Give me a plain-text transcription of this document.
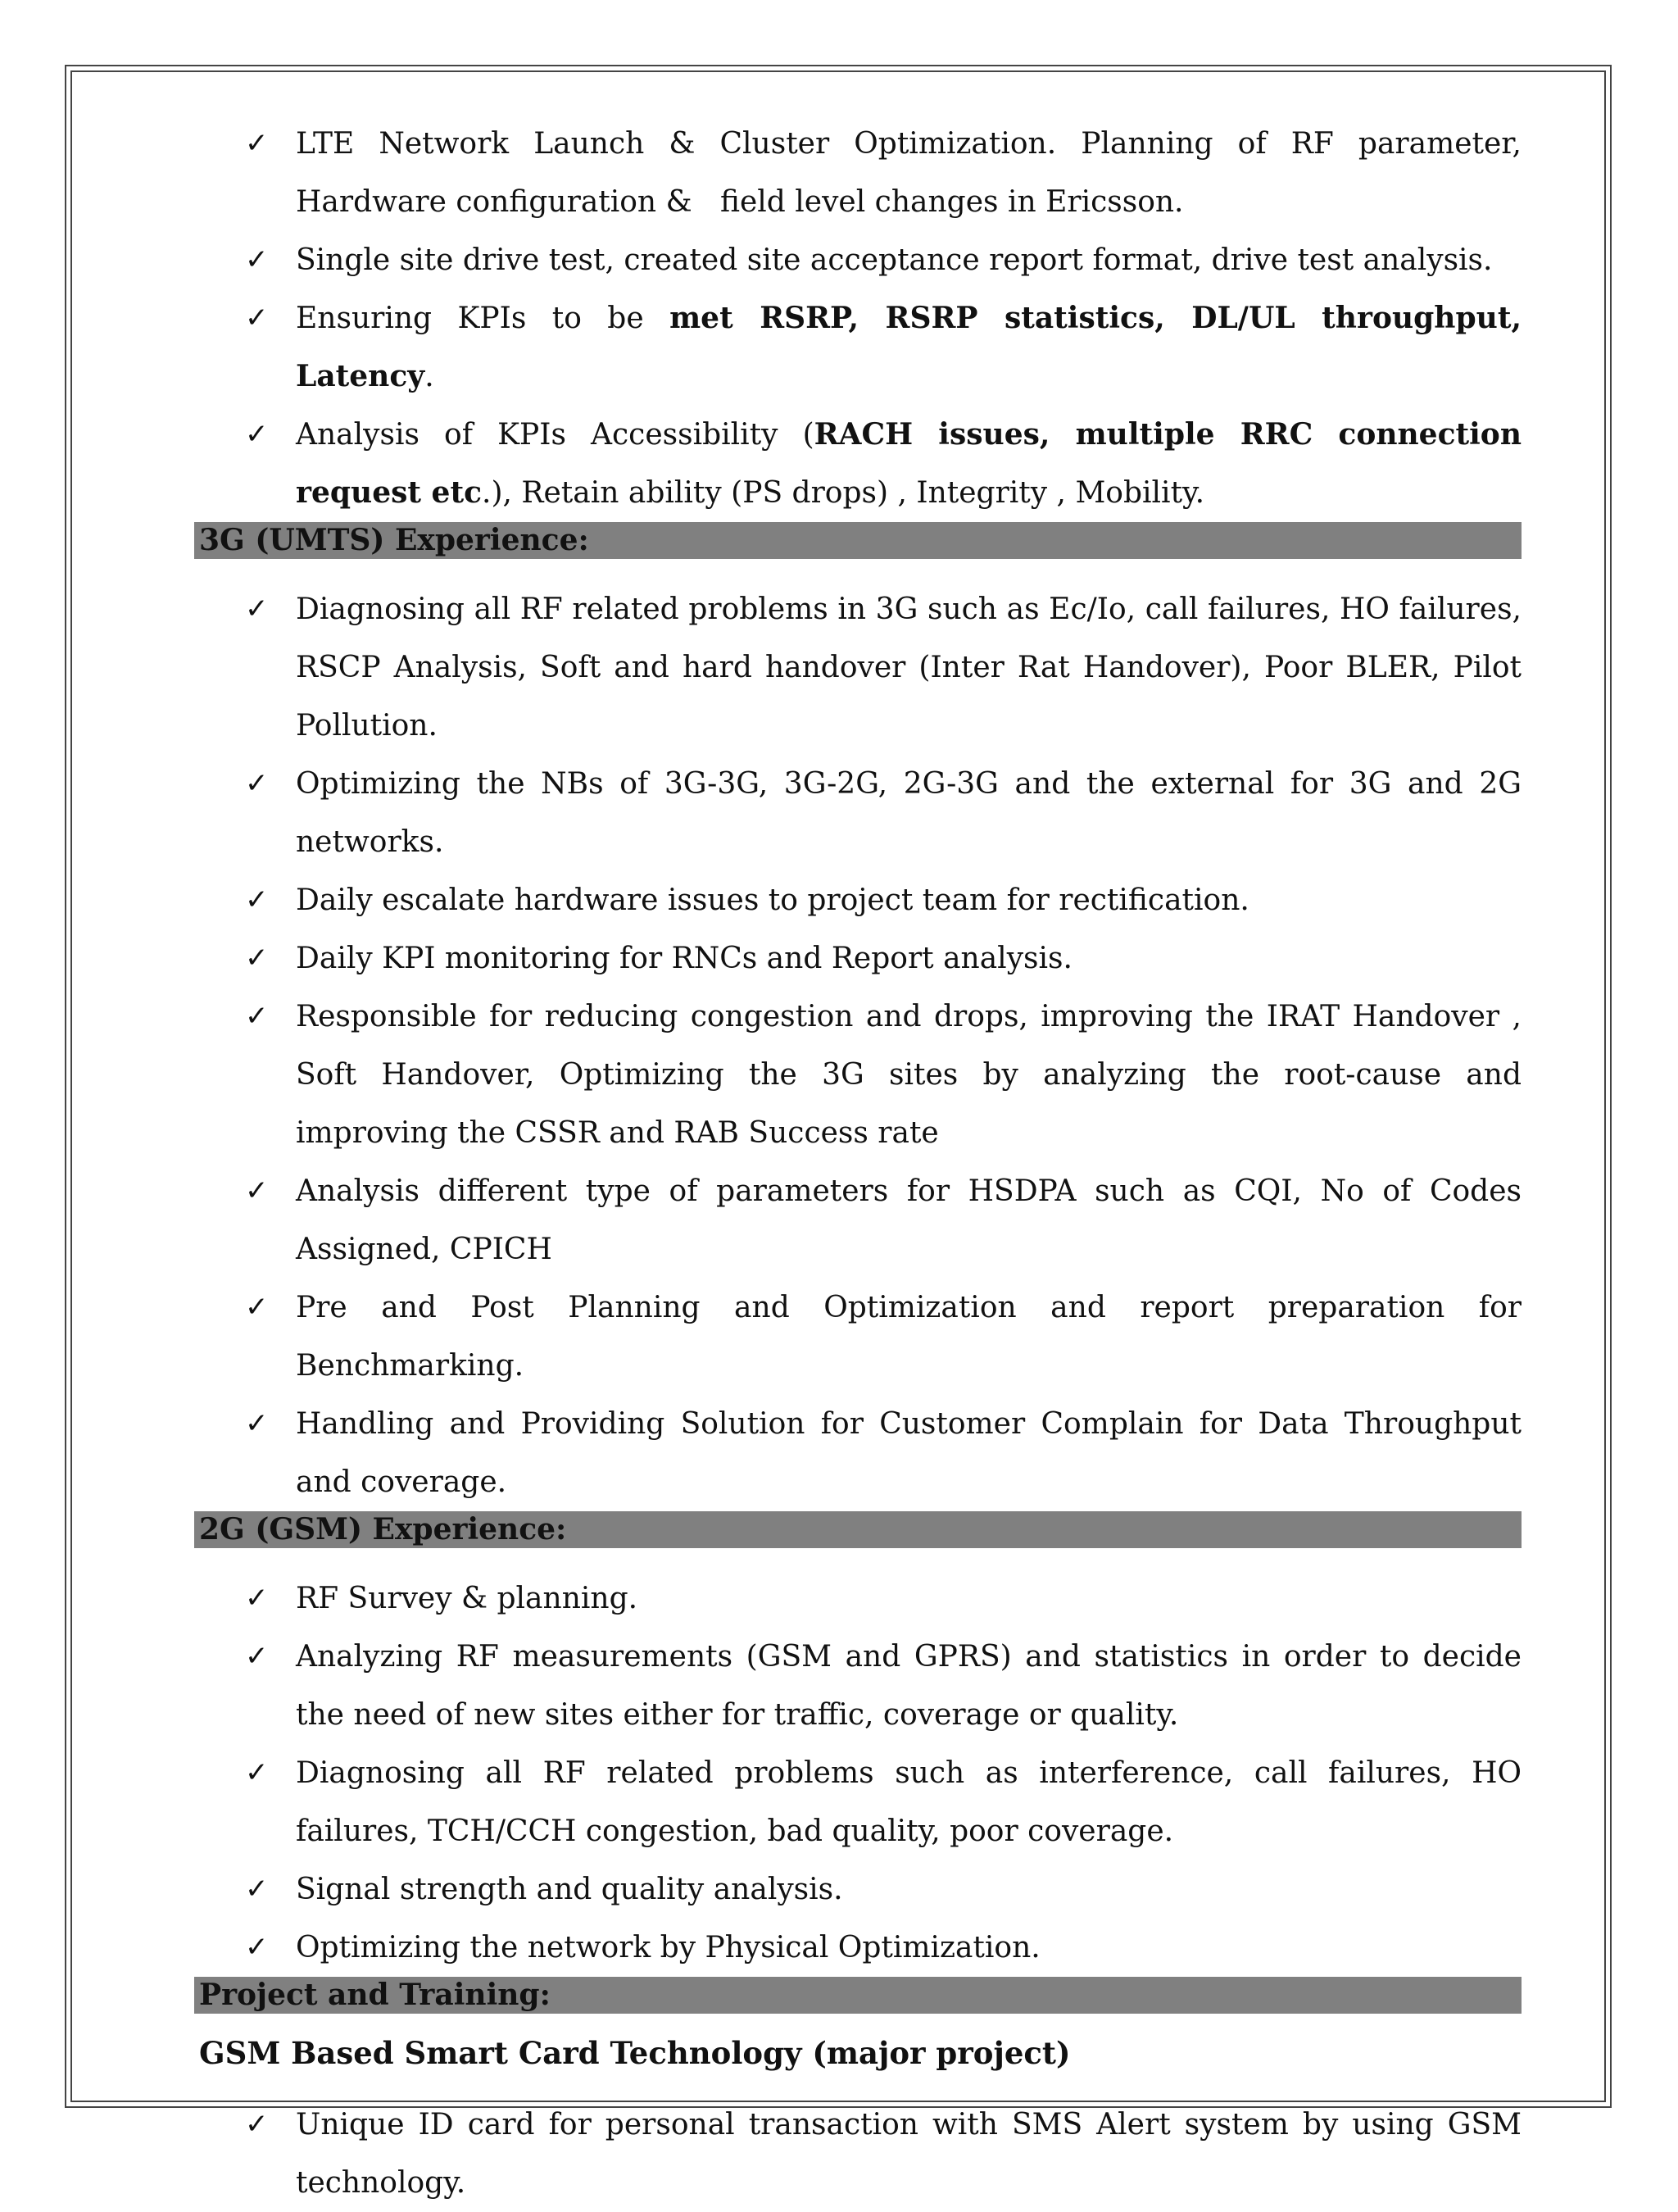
✓ LTE Network Launch & Cluster Optimization. Planning of RF parameter, Hardware configuration &   field level changes in Ericsson.
✓ Single site drive test, created site acceptance report format, drive test analysis.
✓ Ensuring KPIs to be met RSRP, RSRP statistics, DL/UL throughput, Latency.
✓ Analysis of KPIs Accessibility (RACH issues, multiple RRC connection request etc.), Retain ability (PS drops) , Integrity , Mobility.
3G (UMTS) Experience:
✓ Diagnosing all RF related problems in 3G such as Ec/Io, call failures, HO failures, RSCP Analysis, Soft and hard handover (Inter Rat Handover), Poor BLER, Pilot Pollution.
✓ Optimizing the NBs of 3G-3G, 3G-2G, 2G-3G and the external for 3G and 2G networks.
✓ Daily escalate hardware issues to project team for rectification.
✓ Daily KPI monitoring for RNCs and Report analysis.
✓ Responsible for reducing congestion and drops, improving the IRAT Handover , Soft Handover, Optimizing the 3G sites by analyzing the root-cause and improving the CSSR and RAB Success rate
✓ Analysis different type of parameters for HSDPA such as CQI, No of Codes Assigned, CPICH
✓ Pre and Post Planning and Optimization and report preparation for Benchmarking.
✓ Handling and Providing Solution for Customer Complain for Data Throughput and coverage.
2G (GSM) Experience:
✓ RF Survey & planning.
✓ Analyzing RF measurements (GSM and GPRS) and statistics in order to decide the need of new sites either for traffic, coverage or quality.
✓ Diagnosing all RF related problems such as interference, call failures, HO failures, TCH/CCH congestion, bad quality, poor coverage.
✓ Signal strength and quality analysis.
✓ Optimizing the network by Physical Optimization.
Project and Training:
GSM Based Smart Card Technology (major project)
✓ Unique ID card for personal transaction with SMS Alert system by using GSM technology.
